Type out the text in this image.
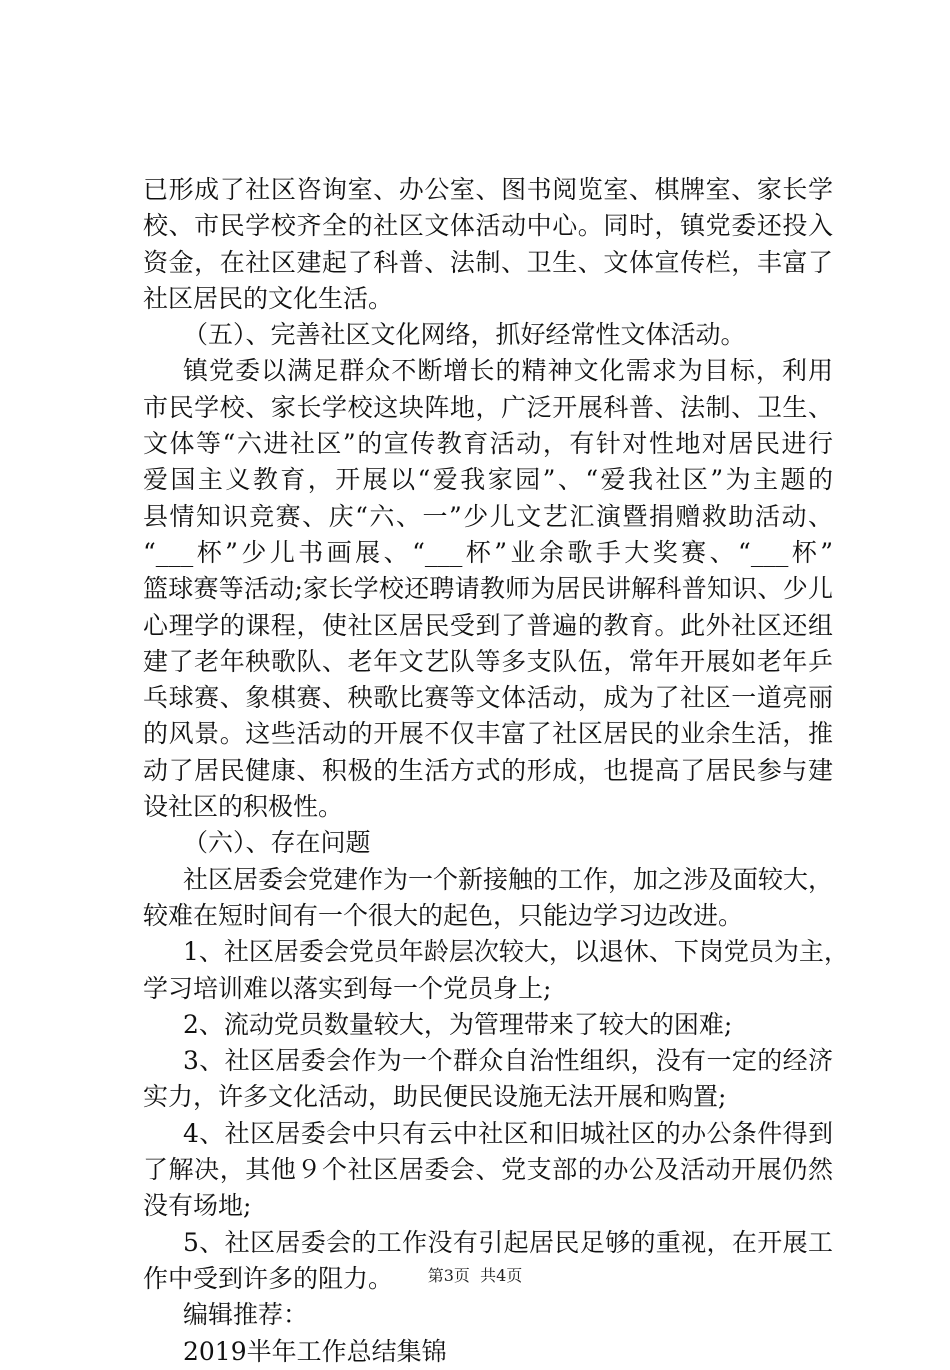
已形成了社区咨询室、办公室、图书阅览室、棋牌室、家长学
校、市民学校齐全的社区文体活动中心。同时，镇党委还投入
资金，在社区建起了科普、法制、卫生、文体宣传栏，丰富了
社区居民的文化生活。
（五）、完善社区文化网络，抓好经常性文体活动。
镇党委以满足群众不断增长的精神文化需求为目标，利用
市民学校、家长学校这块阵地，广泛开展科普、法制、卫生、
文体等“六进社区”的宣传教育活动，有针对性地对居民进行
爱国主义教育，开展以“爱我家园”、“爱我社区”为主题的
县情知识竞赛、庆“六、一”少儿文艺汇演暨捐赠救助活动、
“___杯”少儿书画展、“___杯”业余歌手大奖赛、“___杯”
篮球赛等活动;家长学校还聘请教师为居民讲解科普知识、少儿
心理学的课程，使社区居民受到了普遍的教育。此外社区还组
建了老年秧歌队、老年文艺队等多支队伍，常年开展如老年乒
乓球赛、象棋赛、秧歌比赛等文体活动，成为了社区一道亮丽
的风景。这些活动的开展不仅丰富了社区居民的业余生活，推
动了居民健康、积极的生活方式的形成，也提高了居民参与建
设社区的积极性。
（六）、存在问题
社区居委会党建作为一个新接触的工作，加之涉及面较大，
较难在短时间有一个很大的起色，只能边学习边改进。
1、社区居委会党员年龄层次较大，以退休、下岗党员为主，
学习培训难以落实到每一个党员身上;
2、流动党员数量较大，为管理带来了较大的困难;
3、社区居委会作为一个群众自治性组织，没有一定的经济
实力，许多文化活动，助民便民设施无法开展和购置;
4、社区居委会中只有云中社区和旧城社区的办公条件得到
了解决，其他９个社区居委会、党支部的办公及活动开展仍然
没有场地;
5、社区居委会的工作没有引起居民足够的重视，在开展工
作中受到许多的阻力。
编辑推荐：
2019半年工作总结集锦
第3页  共4页
